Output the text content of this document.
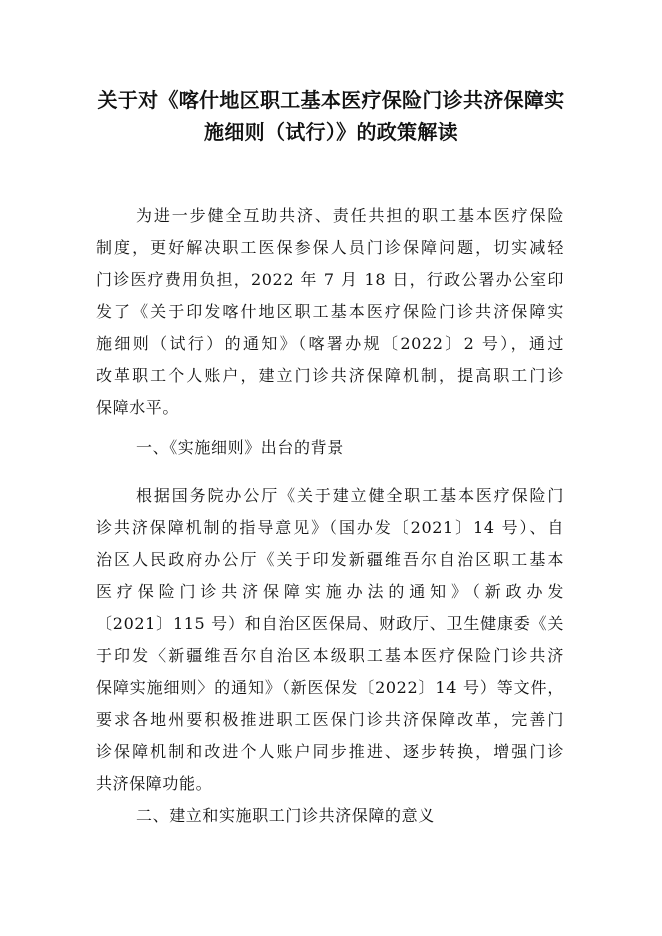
关于对《喀什地区职工基本医疗保险门诊共济保障实
施细则（试行）》的政策解读
为进一步健全互助共济、责任共担的职工基本医疗保险
制度，更好解决职工医保参保人员门诊保障问题，切实减轻
门诊医疗费用负担，2022 年 7 月 18 日，行政公署办公室印
发了《关于印发喀什地区职工基本医疗保险门诊共济保障实
施细则（试行）的通知》（喀署办规〔2022〕2 号），通过
改革职工个人账户，建立门诊共济保障机制，提高职工门诊
保障水平。
一、《实施细则》出台的背景
根据国务院办公厅《关于建立健全职工基本医疗保险门
诊共济保障机制的指导意见》（国办发〔2021〕14 号）、自
治区人民政府办公厅《关于印发新疆维吾尔自治区职工基本
医疗保险门诊共济保障实施办法的通知》（新政办发
〔2021〕115 号）和自治区医保局、财政厅、卫生健康委《关
于印发〈新疆维吾尔自治区本级职工基本医疗保险门诊共济
保障实施细则〉的通知》（新医保发〔2022〕14 号）等文件，
要求各地州要积极推进职工医保门诊共济保障改革，完善门
诊保障机制和改进个人账户同步推进、逐步转换，增强门诊
共济保障功能。
二、建立和实施职工门诊共济保障的意义
